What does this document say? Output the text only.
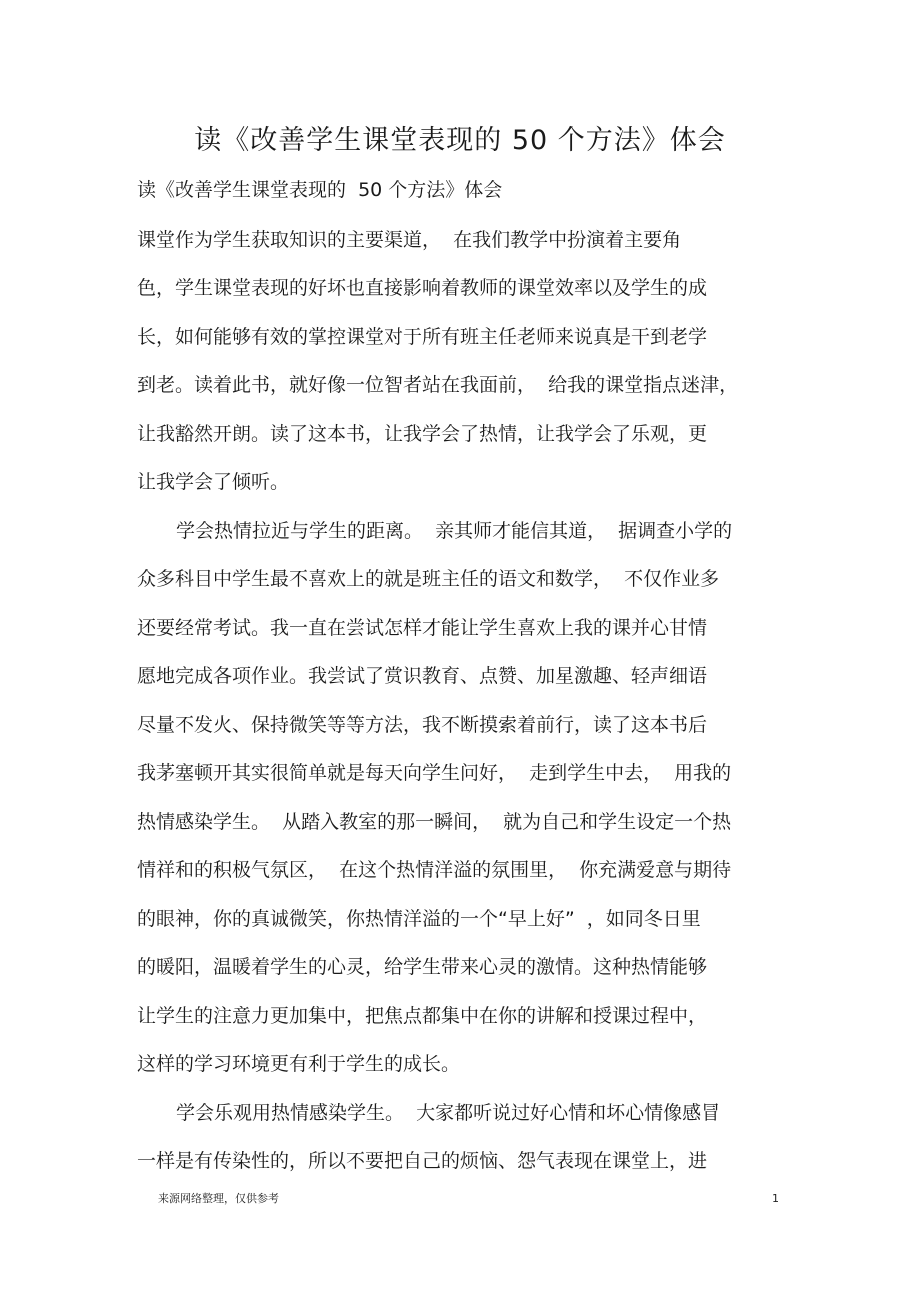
读《改善学生课堂表现的 50 个方法》体会
读《改善学生课堂表现的  50 个方法》体会
课堂作为学生获取知识的主要渠道，  在我们教学中扮演着主要角
色，学生课堂表现的好坏也直接影响着教师的课堂效率以及学生的成
长，如何能够有效的掌控课堂对于所有班主任老师来说真是干到老学
到老。读着此书，就好像一位智者站在我面前，  给我的课堂指点迷津，
让我豁然开朗。读了这本书，让我学会了热情，让我学会了乐观，更
让我学会了倾听。
学会热情拉近与学生的距离。  亲其师才能信其道，  据调查小学的
众多科目中学生最不喜欢上的就是班主任的语文和数学，  不仅作业多
还要经常考试。我一直在尝试怎样才能让学生喜欢上我的课并心甘情
愿地完成各项作业。我尝试了赏识教育、点赞、加星激趣、轻声细语
尽量不发火、保持微笑等等方法，我不断摸索着前行，读了这本书后
我茅塞顿开其实很简单就是每天向学生问好，  走到学生中去，  用我的
热情感染学生。  从踏入教室的那一瞬间，  就为自己和学生设定一个热
情祥和的积极气氛区，  在这个热情洋溢的氛围里，  你充满爱意与期待
的眼神，你的真诚微笑，你热情洋溢的一个“早上好”  ，如同冬日里
的暖阳，温暖着学生的心灵，给学生带来心灵的激情。这种热情能够
让学生的注意力更加集中，把焦点都集中在你的讲解和授课过程中，
这样的学习环境更有利于学生的成长。
学会乐观用热情感染学生。  大家都听说过好心情和坏心情像感冒
一样是有传染性的，所以不要把自己的烦恼、怨气表现在课堂上，进
来源网络整理，仅供参考	1
